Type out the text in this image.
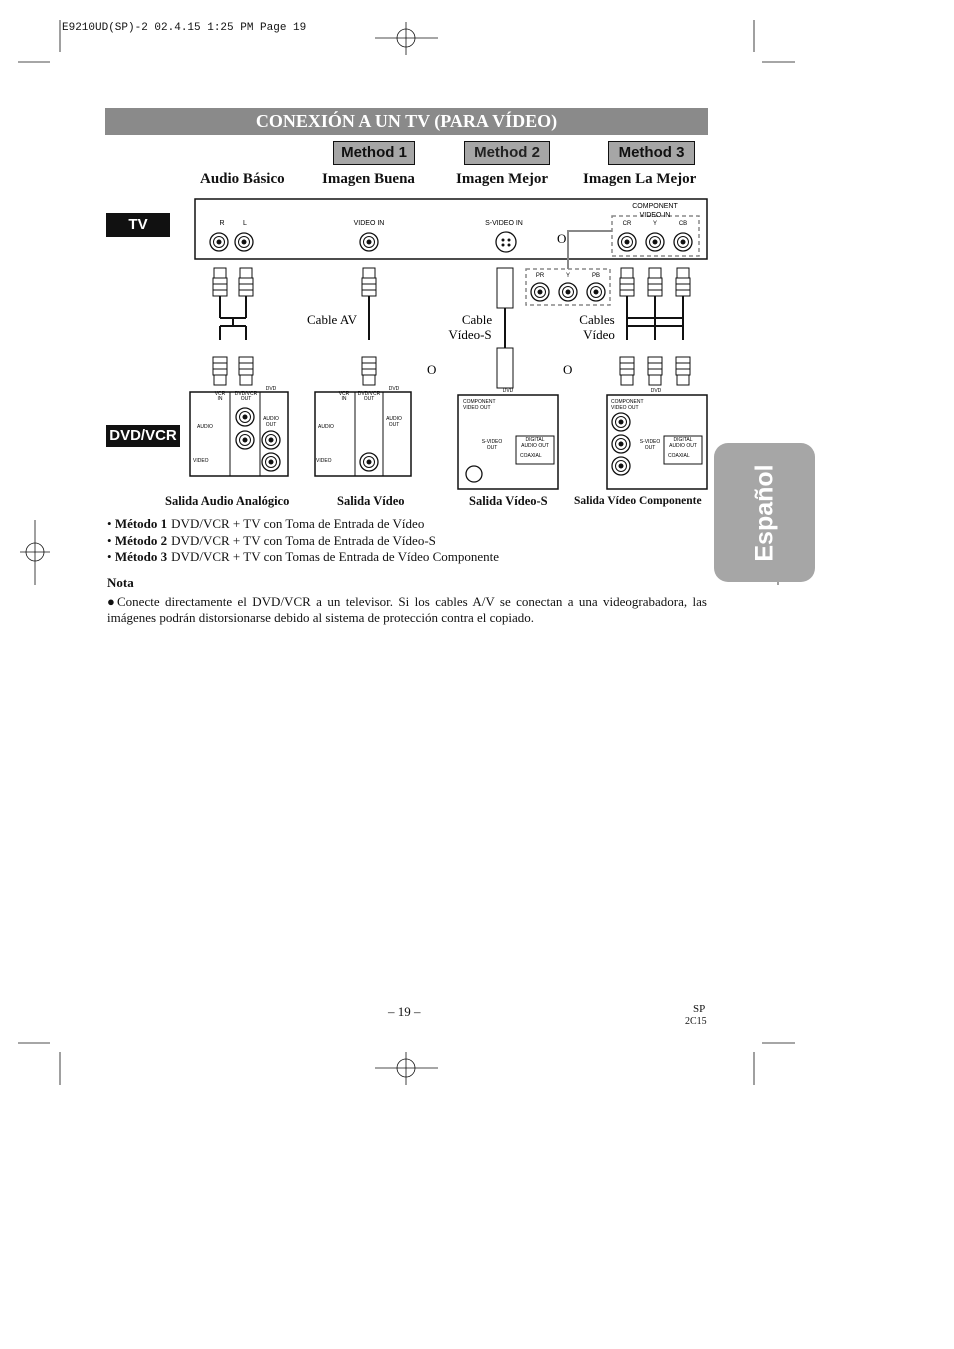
E9210UD(SP)-2 02.4.15 1:25 PM Page 19
CONEXIÓN A UN TV (PARA VÍDEO)
Method 1	Method 2	Method 3
Audio Básico Imagen Buena	Imagen Mejor Imagen La Mejor
TV
DVD/VCR
R	L	VIDEO IN	S-VIDEO IN
COMPONENT
VIDEO IN
CR	Y	CB
PR	Y	PB
O
Cable AV	Cable
Vídeo-S
Cables
Vídeo
O	O
VCR
IN
DVD/VCR
OUT
DVD
AUDIO
VIDEO
AUDIO
OUT
VCR
IN
DVD/VCR
OUT
DVD
AUDIO
VIDEO
AUDIO
OUT
DVD
COMPONENT
VIDEO OUT
S-VIDEO
OUT
DIGITAL
AUDIO OUT
COAXIAL
DVD
COMPONENT
VIDEO OUT
S-VIDEO
OUT
DIGITAL
AUDIO OUT
COAXIAL
Salida Audio Analógico	Salida Vídeo	Salida Vídeo-S Salida Vídeo Componente
• Método 1 DVD/VCR + TV con Toma de Entrada de Vídeo
• Método 2 DVD/VCR + TV con Toma de Entrada de Vídeo-S
• Método 3 DVD/VCR + TV con Tomas de Entrada de Vídeo Componente
Nota
●Conecte directamente el DVD/VCR a un televisor. Si los cables A/V se conectan a una videograbadora, las imágenes podrán distorsionarse debido al sistema de protección contra el copiado.
Español
– 19 –	SP
2C15
